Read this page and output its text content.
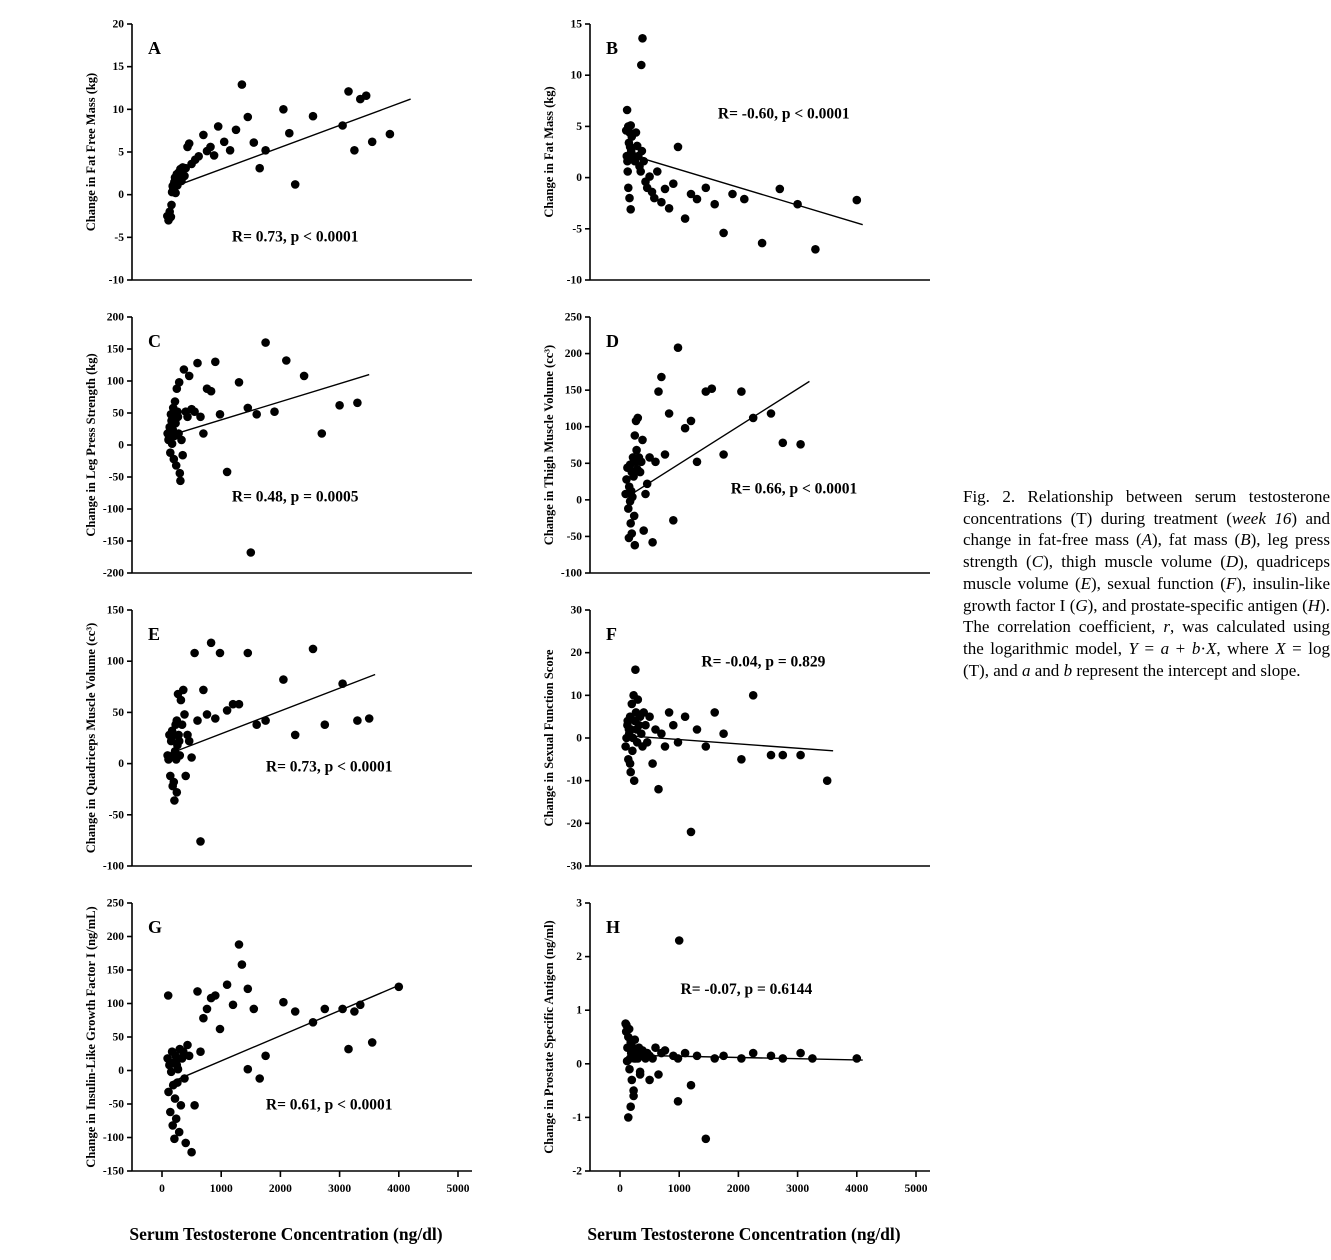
Change in Fat Free Mass (kg)
20
15
10
5
0
-5
-10
A
R= 0.73, p < 0.0001
Change in Leg Press Strength (kg)
200
150
100
50
0
-50
-100
-150
-200
C
R= 0.48, p = 0.0005
Change in Quadriceps Muscle Volume (cc³)
150
100
50
0
-50
-100
E
R= 0.73, p < 0.0001
Change in Insulin-Like Growth Factor I (ng/mL)
250
200
150
100
50
0
-50
-100
-150
0	1000	2000	3000	4000	5000
G
R= 0.61, p < 0.0001
Serum Testosterone Concentration (ng/dl)
Change in Fat Mass (kg)
15
10
5
0
-5
-10
B
R= -0.60, p < 0.0001
Change in Thigh Muscle Volume (cc³)
250
200
150
100
50
0
-50
-100
D
R= 0.66, p < 0.0001
Change in Sexual Function Score
30
20
10
0
-10
-20
-30
F
R= -0.04, p = 0.829
Change in Prostate Specific Antigen (ng/ml)
3
2
1
0
-1
-2
0	1000	2000	3000	4000	5000
H
R= -0.07, p = 0.6144
Serum Testosterone Concentration (ng/dl)
Fig. 2. Relationship between serum testosterone concentrations (T) during treatment (week 16) and change in fat-free mass (A), fat mass (B), leg press strength (C), thigh muscle volume (D), quadriceps muscle volume (E), sexual function (F), insulin-like growth factor I (G), and prostate-specific antigen (H). The correlation coefficient, r, was calculated using the logarithmic model, Y = a + b·X, where X = log (T), and a and b represent the intercept and slope.
